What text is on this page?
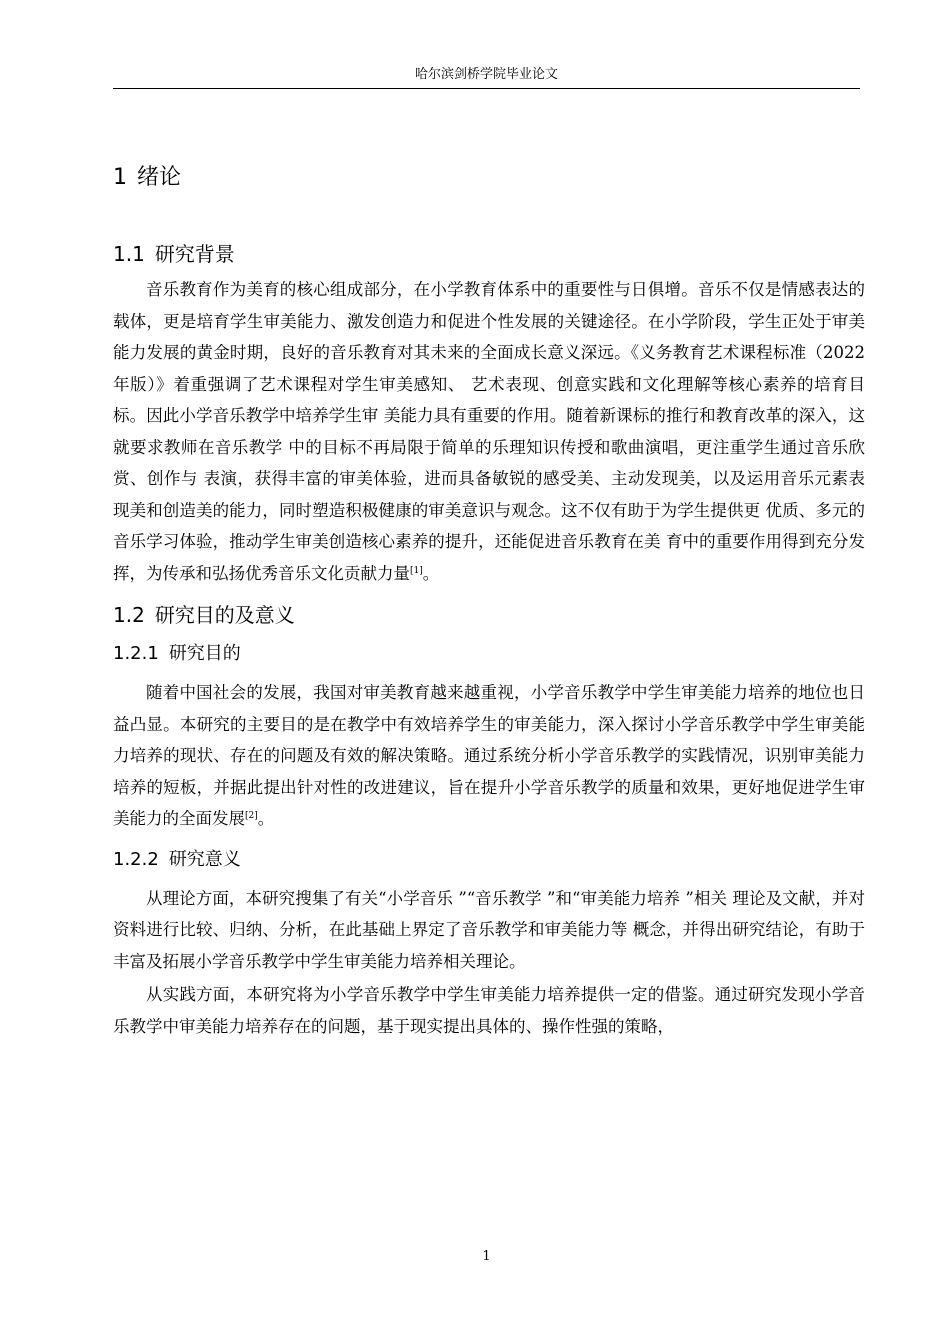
哈尔滨剑桥学院毕业论文
1 绪论
1.1 研究背景

音乐教育作为美育的核心组成部分，在小学教育体系中的重要性与日俱增。音乐不仅是情感表达的载体，更是培育学生审美能力、激发创造力和促进个性发展的关键途径。在小学阶段，学生正处于审美能力发展的黄金时期，良好的音乐教育对其未来的全面成长意义深远。《义务教育艺术课程标准（2022 年版）》着重强调了艺术课程对学生审美感知、 艺术表现、创意实践和文化理解等核心素养的培育目标。因此小学音乐教学中培养学生审 美能力具有重要的作用。随着新课标的推行和教育改革的深入，这就要求教师在音乐教学 中的目标不再局限于简单的乐理知识传授和歌曲演唱，更注重学生通过音乐欣赏、创作与 表演，获得丰富的审美体验，进而具备敏锐的感受美、主动发现美，以及运用音乐元素表 现美和创造美的能力，同时塑造积极健康的审美意识与观念。这不仅有助于为学生提供更 优质、多元的音乐学习体验，推动学生审美创造核心素养的提升，还能促进音乐教育在美 育中的重要作用得到充分发挥，为传承和弘扬优秀音乐文化贡献力量[1]。

1.2 研究目的及意义
1.2.1 研究目的

随着中国社会的发展，我国对审美教育越来越重视，小学音乐教学中学生审美能力培养的地位也日益凸显。本研究的主要目的是在教学中有效培养学生的审美能力，深入探讨小学音乐教学中学生审美能力培养的现状、存在的问题及有效的解决策略。通过系统分析小学音乐教学的实践情况，识别审美能力培养的短板，并据此提出针对性的改进建议，旨在提升小学音乐教学的质量和效果，更好地促进学生审美能力的全面发展[2]。

1.2.2 研究意义

从理论方面，本研究搜集了有关“小学音乐 ”“音乐教学 ”和“审美能力培养 ”相关 理论及文献，并对资料进行比较、归纳、分析，在此基础上界定了音乐教学和审美能力等 概念，并得出研究结论，有助于丰富及拓展小学音乐教学中学生审美能力培养相关理论。

从实践方面，本研究将为小学音乐教学中学生审美能力培养提供一定的借鉴。通过研究发现小学音乐教学中审美能力培养存在的问题，基于现实提出具体的、操作性强的策略，

1
